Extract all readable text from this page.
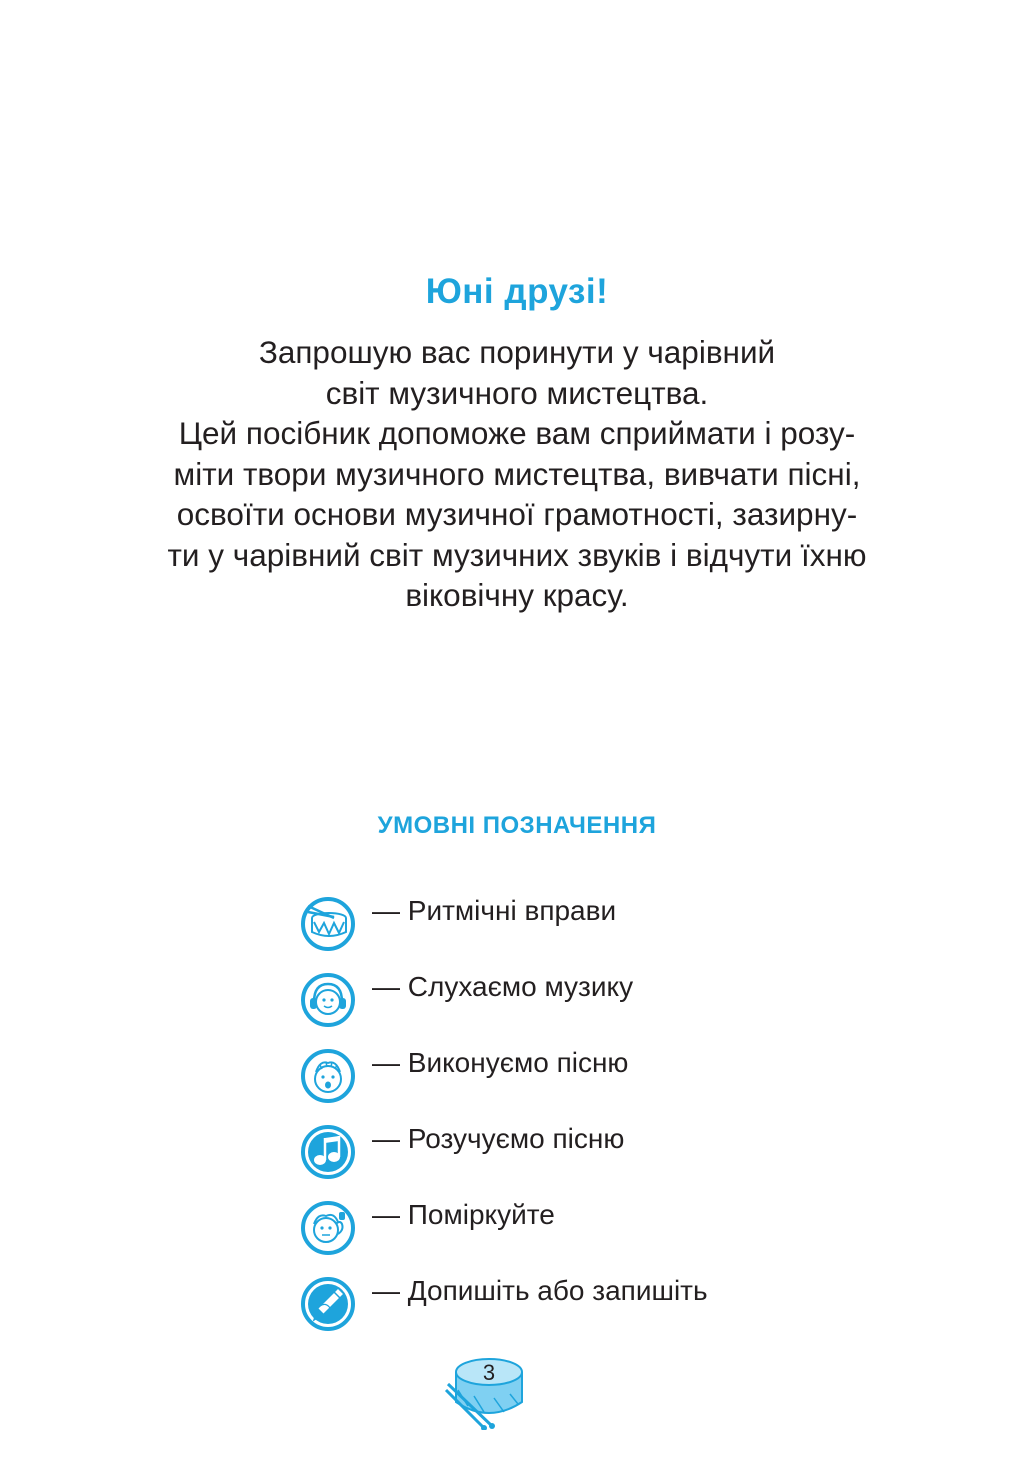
Юні друзі!
Запрошую вас поринути у чарівний
світ музичного мистецтва.
Цей посібник допоможе вам сприймати і розу-
міти твори музичного мистецтва, вивчати пісні,
освоїти основи музичної грамотності, зазирну-
ти у чарівний світ музичних звуків і відчути їхню
віковічну красу.
УМОВНІ ПОЗНАЧЕННЯ
— Ритмічні вправи
— Слухаємо музику
— Виконуємо пісню
— Розучуємо пісню
— Поміркуйте
— Допишіть або запишіть
3
